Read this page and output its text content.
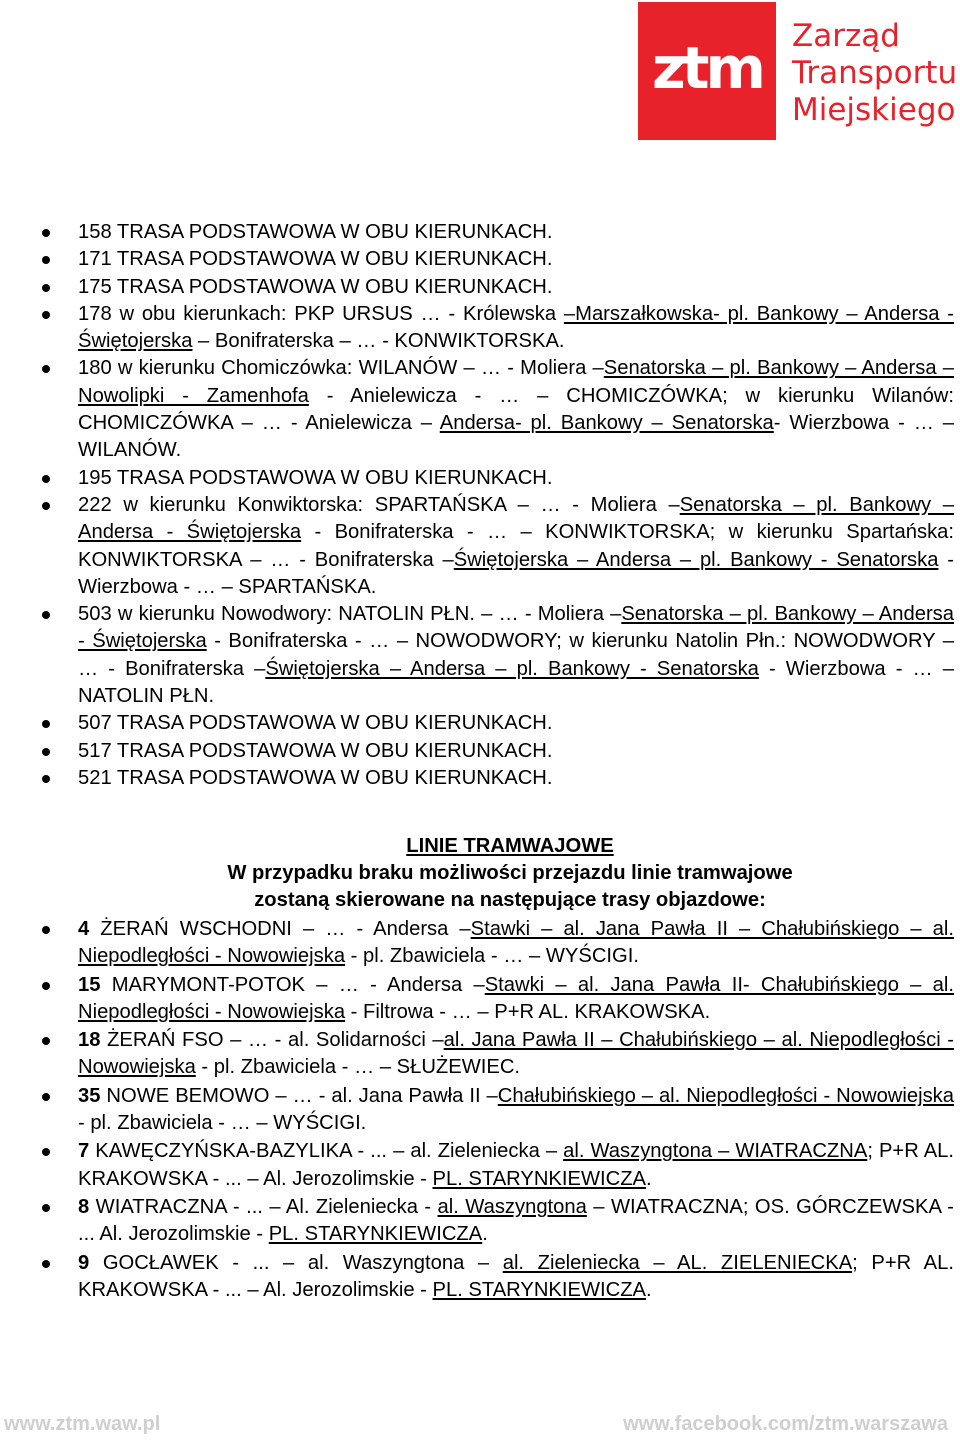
ztm Zarząd
Transportu
Miejskiego
158 TRASA PODSTAWOWA W OBU KIERUNKACH.
171 TRASA PODSTAWOWA W OBU KIERUNKACH.
175 TRASA PODSTAWOWA W OBU KIERUNKACH.
178 w obu kierunkach: PKP URSUS … - Królewska –Marszałkowska- pl. Bankowy – Andersa - Świętojerska – Bonifraterska – … - KONWIKTORSKA.
180 w kierunku Chomiczówka: WILANÓW – … - Moliera –Senatorska – pl. Bankowy – Andersa – Nowolipki - Zamenhofa - Anielewicza - … – CHOMICZÓWKA; w kierunku Wilanów: CHOMICZÓWKA – … - Anielewicza – Andersa- pl. Bankowy – Senatorska- Wierzbowa - … – WILANÓW.
195 TRASA PODSTAWOWA W OBU KIERUNKACH.
222 w kierunku Konwiktorska: SPARTAŃSKA – … - Moliera –Senatorska – pl. Bankowy – Andersa - Świętojerska - Bonifraterska - … – KONWIKTORSKA; w kierunku Spartańska: KONWIKTORSKA – … - Bonifraterska –Świętojerska – Andersa – pl. Bankowy - Senatorska - Wierzbowa - … – SPARTAŃSKA.
503 w kierunku Nowodwory: NATOLIN PŁN. – … - Moliera –Senatorska – pl. Bankowy – Andersa - Świętojerska - Bonifraterska - … – NOWODWORY; w kierunku Natolin Płn.: NOWODWORY – … - Bonifraterska –Świętojerska – Andersa – pl. Bankowy - Senatorska - Wierzbowa - … – NATOLIN PŁN.
507 TRASA PODSTAWOWA W OBU KIERUNKACH.
517 TRASA PODSTAWOWA W OBU KIERUNKACH.
521 TRASA PODSTAWOWA W OBU KIERUNKACH.
LINIE TRAMWAJOWE
W przypadku braku możliwości przejazdu linie tramwajowe
zostaną skierowane na następujące trasy objazdowe:
4 ŻERAŃ WSCHODNI – … - Andersa –Stawki – al. Jana Pawła II – Chałubińskiego – al. Niepodległości - Nowowiejska - pl. Zbawiciela - … – WYŚCIGI.
15 MARYMONT-POTOK – … - Andersa –Stawki – al. Jana Pawła II- Chałubińskiego – al. Niepodległości - Nowowiejska - Filtrowa - … – P+R AL. KRAKOWSKA.
18 ŻERAŃ FSO – … - al. Solidarności –al. Jana Pawła II – Chałubińskiego – al. Niepodległości - Nowowiejska - pl. Zbawiciela - … – SŁUŻEWIEC.
35 NOWE BEMOWO – … - al. Jana Pawła II –Chałubińskiego – al. Niepodległości - Nowowiejska - pl. Zbawiciela - … – WYŚCIGI.
7 KAWĘCZYŃSKA-BAZYLIKA - ... – al. Zieleniecka – al. Waszyngtona – WIATRACZNA; P+R AL. KRAKOWSKA - ... – Al. Jerozolimskie - PL. STARYNKIEWICZA.
8 WIATRACZNA - ... – Al. Zieleniecka - al. Waszyngtona – WIATRACZNA; OS. GÓRCZEWSKA - ... Al. Jerozolimskie - PL. STARYNKIEWICZA.
9 GOCŁAWEK - ... – al. Waszyngtona – al. Zieleniecka – AL. ZIELENIECKA; P+R AL. KRAKOWSKA - ... – Al. Jerozolimskie - PL. STARYNKIEWICZA.
www.ztm.waw.pl	www.facebook.com/ztm.warszawa
